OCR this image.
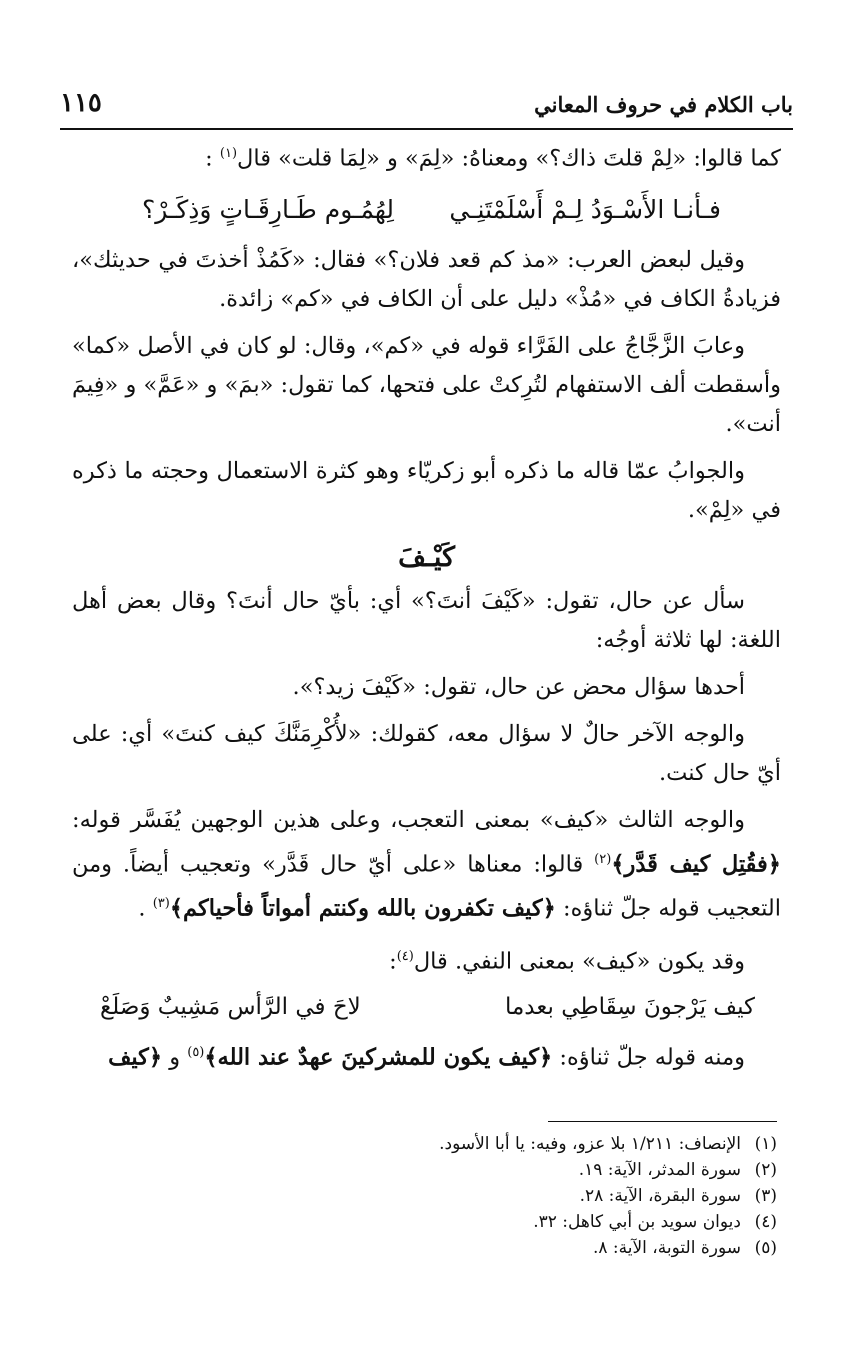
باب الكلام في حروف المعاني
١١٥

كما قالوا: «لِمْ قلتَ ذاك؟» ومعناهُ: «لِمَ» و «لِمَا قلت» قال$^{(١)}$ :

فـأنـا الأَسْـوَدُ لِـمْ أَسْلَمْتَنِـي
لِهُمُـوم طَـارِقَـاتٍ وَذِكَـرْ؟

وقيل لبعض العرب: «مذ كم قعد فلان؟» فقال: «كَمُذْ أخذتَ في حديثك»، فزيادةُ الكاف في «مُذْ» دليل على أن الكاف في «كم» زائدة.

وعابَ الزَّجَّاجُ على الفَرَّاء قوله في «كم»، وقال: لو كان في الأصل «كما» وأسقطت ألف الاستفهام لتُرِكتْ على فتحها، كما تقول: «بمَ» و «عَمَّ» و «فِيمَ أنت».

والجوابُ عمّا قاله ما ذكره أبو زكريّاء وهو كثرة الاستعمال وحجته ما ذكره في «لِمْ».

كَيْـفَ

سأل عن حال، تقول: «كَيْفَ أنتَ؟» أي: بأيّ حال أنتَ؟ وقال بعض أهل اللغة: لها ثلاثة أوجُه:

أحدها سؤال محض عن حال، تقول: «كَيْفَ زيد؟».

والوجه الآخر حالٌ لا سؤال معه، كقولك: «لأُكْرِمَنَّكَ كيف كنتَ» أي: على أيّ حال كنت.

والوجه الثالث «كيف» بمعنى التعجب، وعلى هذين الوجهين يُفَسَّر قوله: ﴿فقُتِل كيف قَدَّر﴾$^{(٢)}$ قالوا: معناها «على أيّ حال قَدَّر» وتعجيب أيضاً. ومن التعجيب قوله جلّ ثناؤه: ﴿كيف تكفرون بالله وكنتم أمواتاً فأحياكم﴾$^{(٣)}$ .

وقد يكون «كيف» بمعنى النفي. قال$^{(٤)}$:

كيف يَرْجونَ سِقَاطِي بعدما
لاحَ في الرَّأس مَشِيبٌ وَصَلَعْ

ومنه قوله جلّ ثناؤه: ﴿كيف يكون للمشركينَ عهدٌ عند الله﴾$^{(٥)}$ و ﴿كيف

(١)الإنصاف: ١/٢١١ بلا عزو، وفيه: يا أبا الأسود.
(٢)سورة المدثر، الآية: ١٩.
(٣)سورة البقرة، الآية: ٢٨.
(٤)ديوان سويد بن أبي كاهل: ٣٢.
(٥)سورة التوبة، الآية: ٨.
